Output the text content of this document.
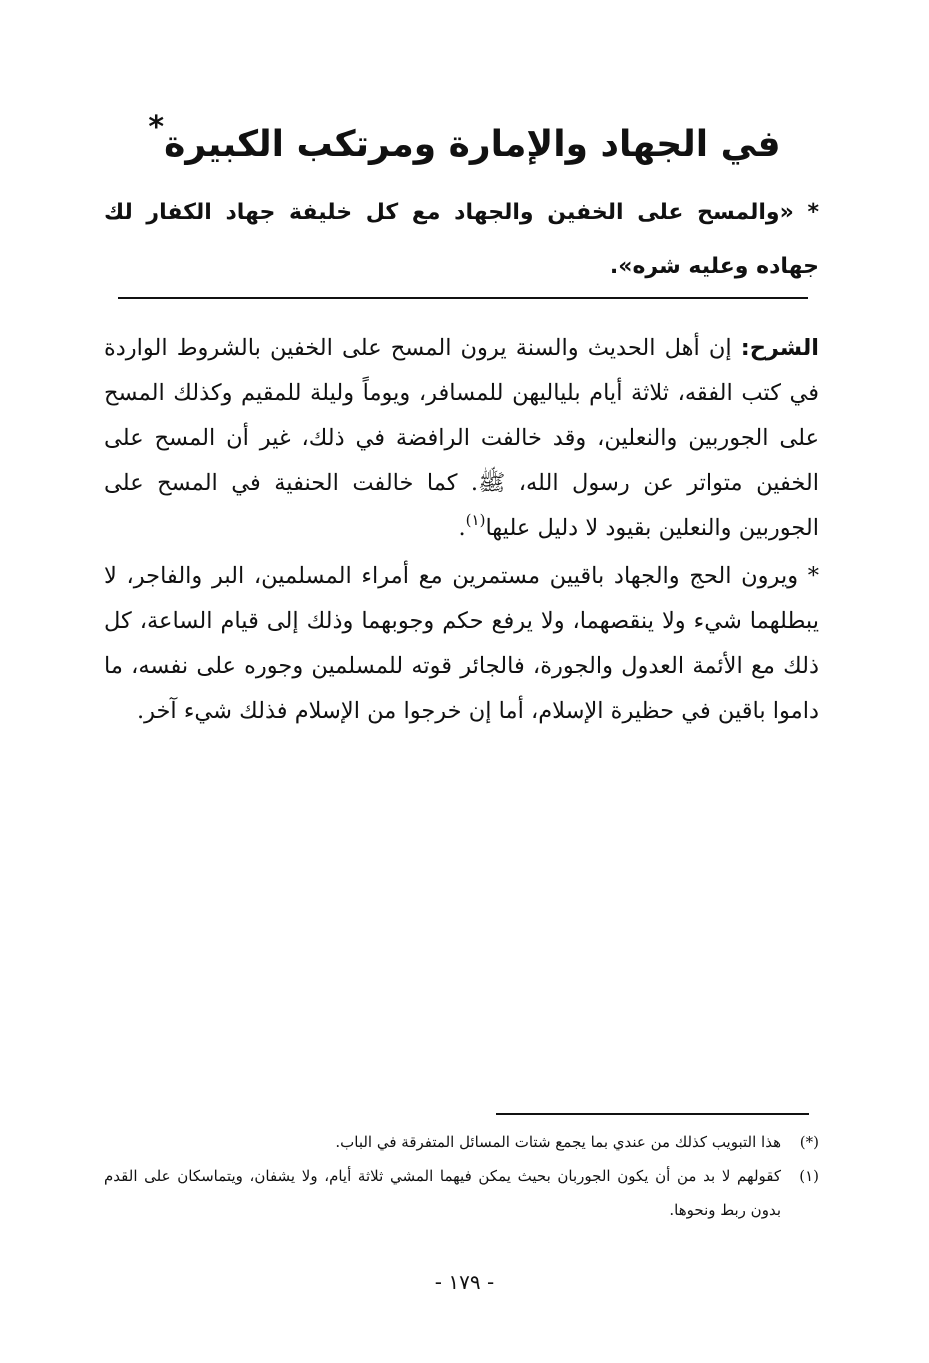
في الجهاد والإمارة ومرتكب الكبيرة*
* «والمسح على الخفين والجهاد مع كل خليفة جهاد الكفار لك جهاده وعليه شره».

الشرح: إن أهل الحديث والسنة يرون المسح على الخفين بالشروط الواردة في كتب الفقه، ثلاثة أيام بلياليهن للمسافر، ويوماً وليلة للمقيم وكذلك المسح على الجوربين والنعلين، وقد خالفت الرافضة في ذلك، غير أن المسح على الخفين متواتر عن رسول الله، ﷺ. كما خالفت الحنفية في المسح على الجوربين والنعلين بقيود لا دليل عليها$^{(١)}$.

* ويرون الحج والجهاد باقيين مستمرين مع أمراء المسلمين، البر والفاجر، لا يبطلهما شيء ولا ينقصهما، ولا يرفع حكم وجوبهما وذلك إلى قيام الساعة، كل ذلك مع الأئمة العدول والجورة، فالجائر قوته للمسلمين وجوره على نفسه، ما داموا باقين في حظيرة الإسلام، أما إن خرجوا من الإسلام فذلك شيء آخر.

(*)
هذا التبويب كذلك من عندي بما يجمع شتات المسائل المتفرقة في الباب.
(١)
كقولهم لا بد من أن يكون الجوربان بحيث يمكن فيهما المشي ثلاثة أيام، ولا يشفان، ويتماسكان على القدم بدون ربط ونحوها.
- ١٧٩ -
